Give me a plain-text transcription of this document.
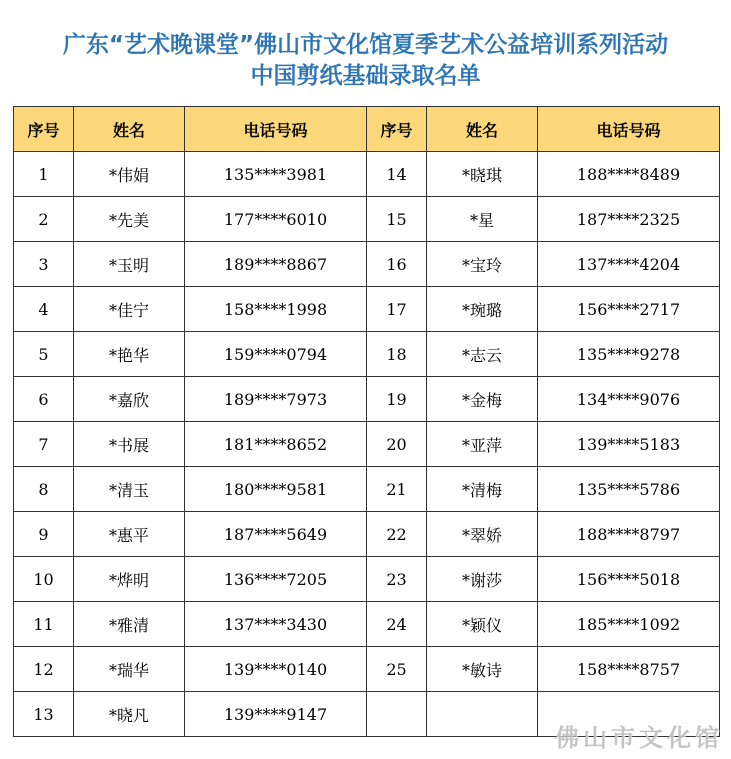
广东“艺术晚课堂”佛山市文化馆夏季艺术公益培训系列活动
中国剪纸基础录取名单
序号	姓名	电话号码	序号	姓名	电话号码
1	*伟娟	135****3981	14	*晓琪	188****8489
2	*先美	177****6010	15	*星	187****2325
3	*玉明	189****8867	16	*宝玲	137****4204
4	*佳宁	158****1998	17	*琬璐	156****2717
5	*艳华	159****0794	18	*志云	135****9278
6	*嘉欣	189****7973	19	*金梅	134****9076
7	*书展	181****8652	20	*亚萍	139****5183
8	*清玉	180****9581	21	*清梅	135****5786
9	*惠平	187****5649	22	*翠娇	188****8797
10	*烨明	136****7205	23	*谢莎	156****5018
11	*雅清	137****3430	24	*颖仪	185****1092
12	*瑞华	139****0140	25	*敏诗	158****8757
13	*晓凡	139****9147			
佛山市文化馆
